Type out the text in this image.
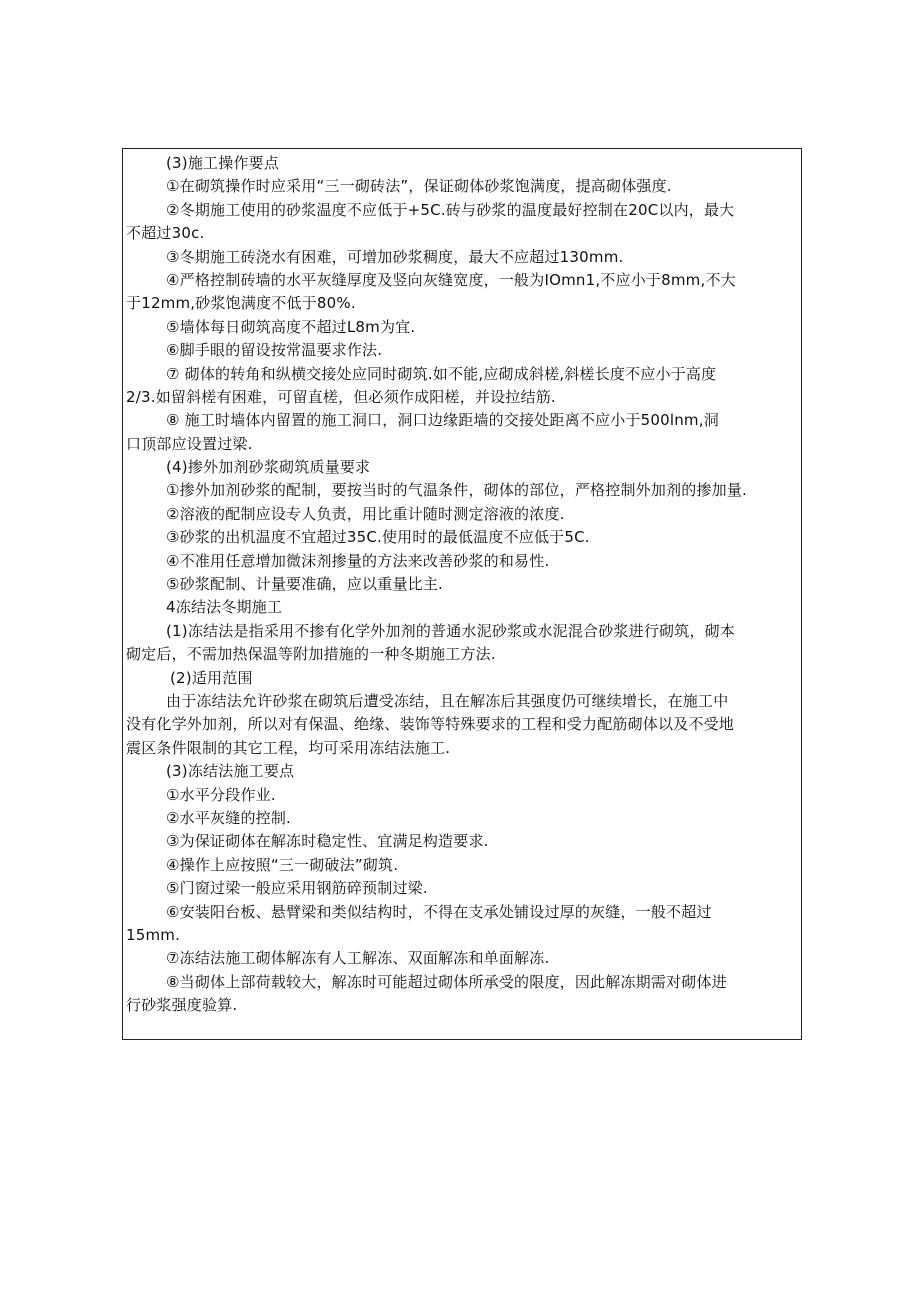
(3)施工操作要点
①在砌筑操作时应采用“三一砌砖法”，保证砌体砂浆饱满度，提高砌体强度.
②冬期施工使用的砂浆温度不应低于+5C.砖与砂浆的温度最好控制在20C以内，最大
不超过30c.
③冬期施工砖浇水有困难，可增加砂浆稠度，最大不应超过130mm.
④严格控制砖墙的水平灰缝厚度及竖向灰缝宽度，一般为IOmn1,不应小于8mm,不大
于12mm,砂浆饱满度不低于80%.
⑤墙体每日砌筑高度不超过L8m为宜.
⑥脚手眼的留设按常温要求作法.
⑦ 砌体的转角和纵横交接处应同时砌筑.如不能,应砌成斜槎,斜槎长度不应小于高度
2/3.如留斜槎有困难，可留直槎，但必须作成阳槎，并设拉结筋.
⑧ 施工时墙体内留置的施工洞口，洞口边缘距墙的交接处距离不应小于500lnm,洞
口顶部应设置过梁.
(4)掺外加剂砂浆砌筑质量要求
①掺外加剂砂浆的配制，要按当时的气温条件，砌体的部位，严格控制外加剂的掺加量.
②溶液的配制应设专人负责，用比重计随时测定溶液的浓度.
③砂浆的出机温度不宜超过35C.使用时的最低温度不应低于5C.
④不准用任意增加微沫剂掺量的方法来改善砂浆的和易性.
⑤砂浆配制、计量要准确，应以重量比主.
4冻结法冬期施工
(1)冻结法是指采用不掺有化学外加剂的普通水泥砂浆或水泥混合砂浆进行砌筑，砌本
砌定后，不需加热保温等附加措施的一种冬期施工方法.
(2)适用范围
由于冻结法允许砂浆在砌筑后遭受冻结，且在解冻后其强度仍可继续增长，在施工中
没有化学外加剂，所以对有保温、绝缘、装饰等特殊要求的工程和受力配筋砌体以及不受地
震区条件限制的其它工程，均可采用冻结法施工.
(3)冻结法施工要点
①水平分段作业.
②水平灰缝的控制.
③为保证砌体在解冻时稳定性、宜满足构造要求.
④操作上应按照“三一砌破法”砌筑.
⑤门窗过梁一般应采用钢筋碎预制过梁.
⑥安装阳台板、悬臂梁和类似结构时，不得在支承处铺设过厚的灰缝，一般不超过
15mm.
⑦冻结法施工砌体解冻有人工解冻、双面解冻和单面解冻.
⑧当砌体上部荷载较大，解冻时可能超过砌体所承受的限度，因此解冻期需对砌体进
行砂浆强度验算.
